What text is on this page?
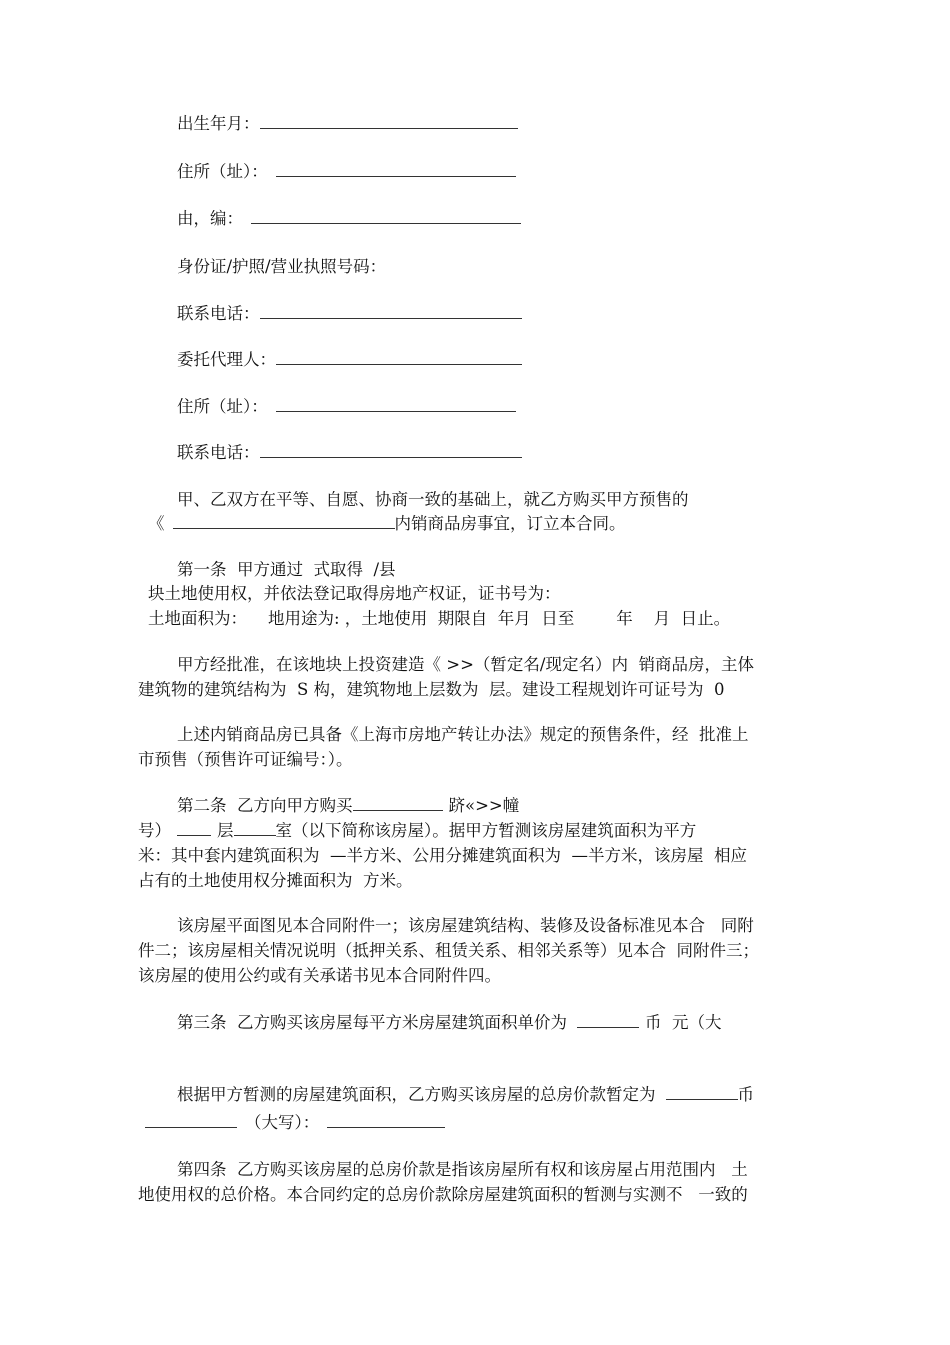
出生年月：
住所（址）：
由，编：
身份证/护照/营业执照号码：
联系电话：
委托代理人：
住所（址）：
联系电话：
甲、乙双方在平等、自愿、协商一致的基础上，就乙方购买甲方预售的
《	内销商品房事宜，订立本合同。
第一条  甲方通过  式取得  /县
块土地使用权，并依法登记取得房地产权证，证书号为：
土地面积为：    地用途为: ，土地使用  期限自  年月  日至        年    月  日止。
甲方经批准，在该地块上投资建造《 >>（暂定名/现定名）内  销商品房，主体
建筑物的建筑结构为  S 构，建筑物地上层数为  层。建设工程规划许可证号为  0
上述内销商品房已具备《上海市房地产转让办法》规定的预售条件，经  批准上
市预售（预售许可证编号：）。
第二条  乙方向甲方购买	跻«>>幢
号）	层	室（以下简称该房屋）。据甲方暂测该房屋建筑面积为平方
米：其中套内建筑面积为  —半方米、公用分摊建筑面积为  —半方米，该房屋  相应
占有的土地使用权分摊面积为  方米。
该房屋平面图见本合同附件一；该房屋建筑结构、装修及设备标准见本合   同附
件二；该房屋相关情况说明（抵押关系、租赁关系、相邻关系等）见本合  同附件三；
该房屋的使用公约或有关承诺书见本合同附件四。
第三条  乙方购买该房屋每平方米房屋建筑面积单价为	币  元（大
根据甲方暂测的房屋建筑面积，乙方购买该房屋的总房价款暂定为	币
（大写）：
第四条  乙方购买该房屋的总房价款是指该房屋所有权和该房屋占用范围内   土
地使用权的总价格。本合同约定的总房价款除房屋建筑面积的暂测与实测不   一致的
